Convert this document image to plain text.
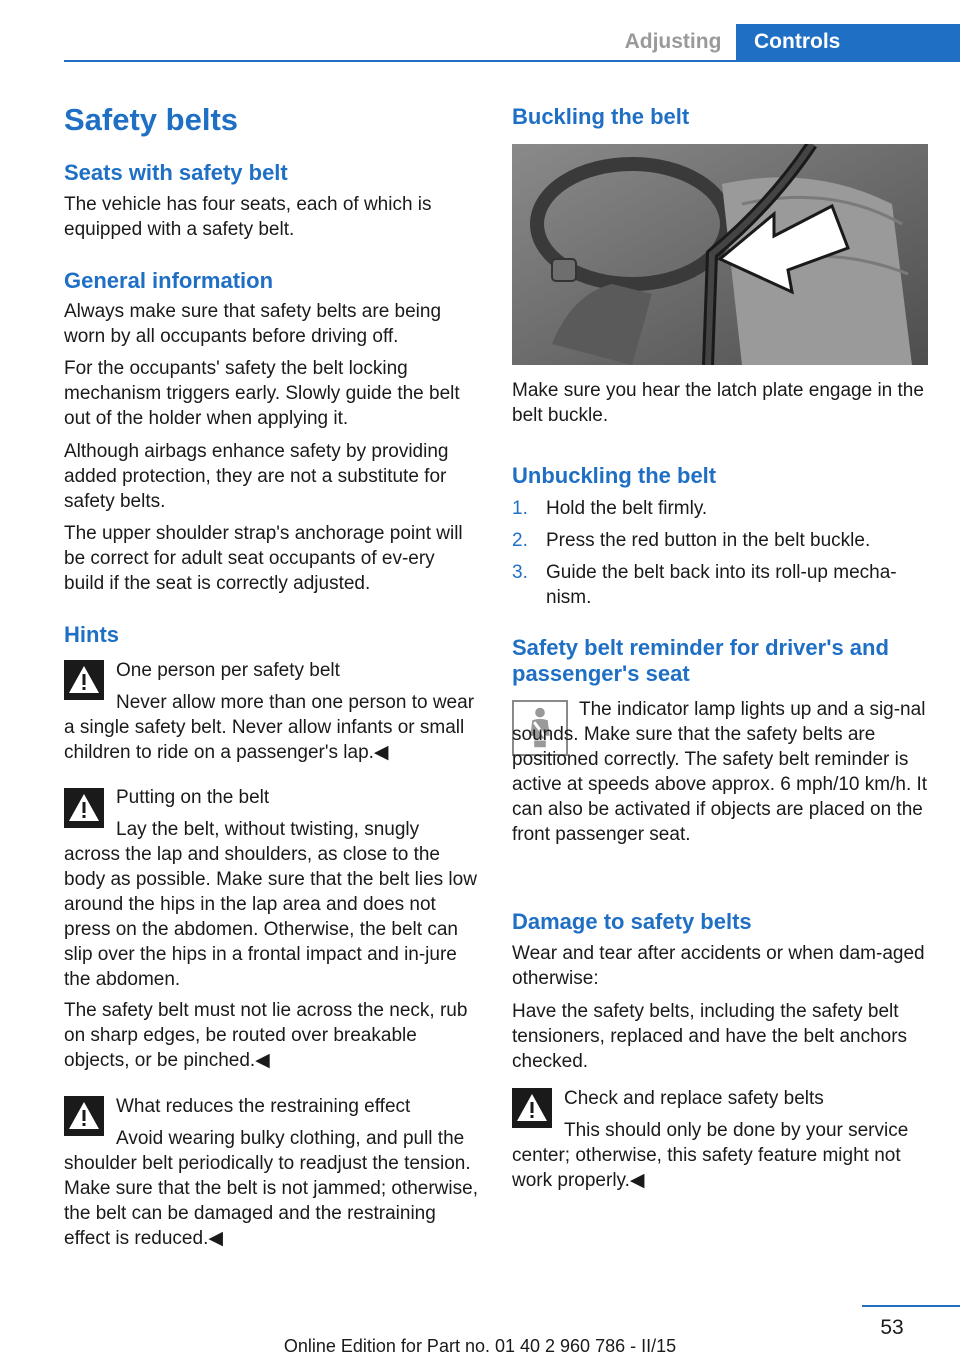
Adjusting	Controls
Safety belts
Seats with safety belt

The vehicle has four seats, each of which is equipped with a safety belt.

General information

Always make sure that safety belts are being worn by all occupants before driving off.

For the occupants' safety the belt locking mechanism triggers early. Slowly guide the belt out of the holder when applying it.

Although airbags enhance safety by providing added protection, they are not a substitute for safety belts.

The upper shoulder strap's anchorage point will be correct for adult seat occupants of ev‐ery build if the seat is correctly adjusted.

Hints

One person per safety belt

Never allow more than one person to wear a single safety belt. Never allow infants or small children to ride on a passenger's lap.◀

Putting on the belt

Lay the belt, without twisting, snugly across the lap and shoulders, as close to the body as possible. Make sure that the belt lies low around the hips in the lap area and does not press on the abdomen. Otherwise, the belt can slip over the hips in a frontal impact and in‐jure the abdomen.

The safety belt must not lie across the neck, rub on sharp edges, be routed over breakable objects, or be pinched.◀

What reduces the restraining effect

Avoid wearing bulky clothing, and pull the shoulder belt periodically to readjust the tension. Make sure that the belt is not jammed; otherwise, the belt can be damaged and the restraining effect is reduced.◀

Buckling the belt

Make sure you hear the latch plate engage in the belt buckle.

Unbuckling the belt
1. Hold the belt firmly.
2. Press the red button in the belt buckle.
3. Guide the belt back into its roll-up mecha‐nism.
Safety belt reminder for driver's and passenger's seat

The indicator lamp lights up and a sig‐nal sounds. Make sure that the safety belts are positioned correctly. The safety belt reminder is active at speeds above approx. 6 mph/10 km/h. It can also be activated if objects are placed on the front passenger seat.

Damage to safety belts

Wear and tear after accidents or when dam‐aged otherwise:

Have the safety belts, including the safety belt tensioners, replaced and have the belt anchors checked.

Check and replace safety belts

This should only be done by your service center; otherwise, this safety feature might not work properly.◀

53
Online Edition for Part no. 01 40 2 960 786 - II/15
